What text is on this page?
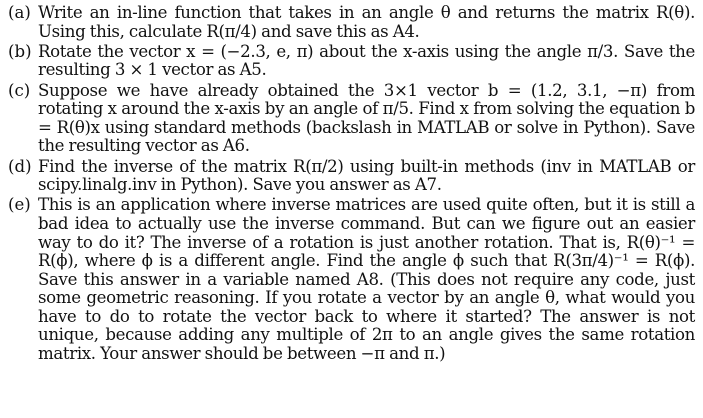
(a) Write an in-line function that takes in an angle θ and returns the matrix R(θ). Using this, calculate R(π/4) and save this as A4.
(b) Rotate the vector x = (−2.3, e, π) about the x-axis using the angle π/3. Save the resulting 3 × 1 vector as A5.
(c) Suppose we have already obtained the 3×1 vector b = (1.2, 3.1, −π) from rotating x around the x-axis by an angle of π/5. Find x from solving the equation b = R(θ)x using standard methods (backslash in MATLAB or solve in Python). Save the resulting vector as A6.
(d) Find the inverse of the matrix R(π/2) using built-in methods (inv in MATLAB or scipy.linalg.inv in Python). Save you answer as A7.
(e) This is an application where inverse matrices are used quite often, but it is still a bad idea to actually use the inverse command. But can we figure out an easier way to do it? The inverse of a rotation is just another rotation. That is, R(θ)⁻¹ = R(ϕ), where ϕ is a different angle. Find the angle ϕ such that R(3π/4)⁻¹ = R(ϕ). Save this answer in a variable named A8. (This does not require any code, just some geometric reasoning. If you rotate a vector by an angle θ, what would you have to do to rotate the vector back to where it started? The answer is not unique, because adding any multiple of 2π to an angle gives the same rotation matrix. Your answer should be between −π and π.)
